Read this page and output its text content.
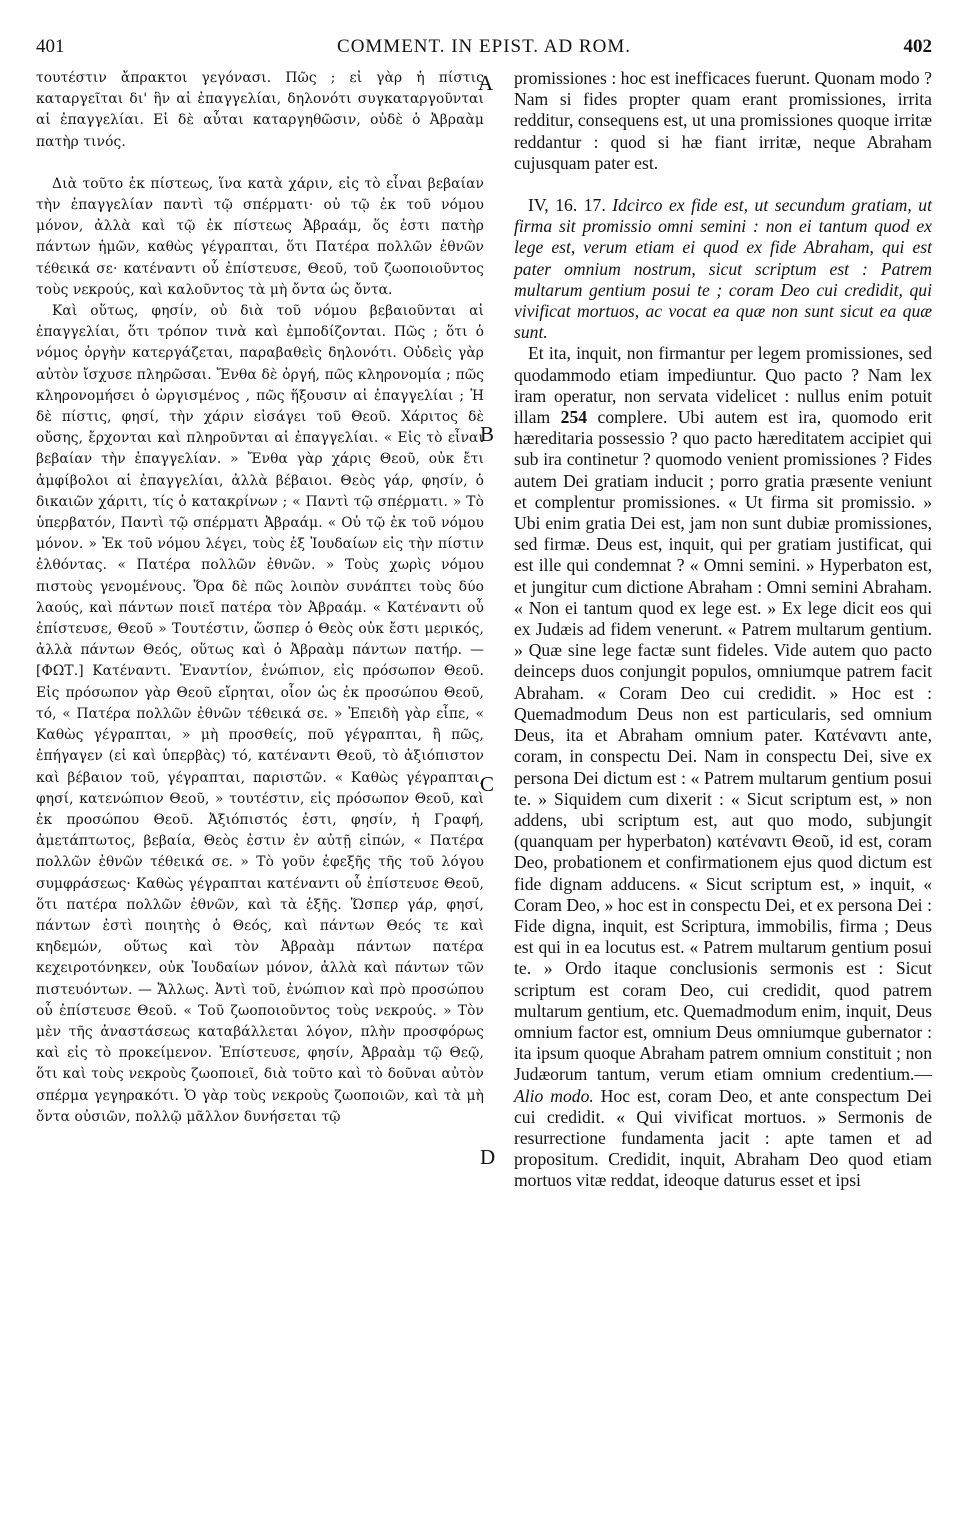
401	COMMENT. IN EPIST. AD ROM.	402
A
B
C
D

τουτέστιν ἄπρακτοι γεγόνασι. Πῶς ; εἰ γὰρ ἡ πίστις καταργεῖται δι' ἣν αἱ ἐπαγγελίαι, δηλονότι συγκαταργοῦνται αἱ ἐπαγγελίαι. Εἰ δὲ αὗται καταργηθῶσιν, οὐδὲ ὁ Ἀβραὰμ πατὴρ τινός.

Διὰ τοῦτο ἐκ πίστεως, ἵνα κατὰ χάριν, εἰς τὸ εἶναι βεβαίαν τὴν ἐπαγγελίαν παντὶ τῷ σπέρματι· οὐ τῷ ἐκ τοῦ νόμου μόνον, ἀλλὰ καὶ τῷ ἐκ πίστεως Ἀβραάμ, ὅς ἐστι πατὴρ πάντων ἡμῶν, καθὼς γέγραπται, ὅτι Πατέρα πολλῶν ἐθνῶν τέθεικά σε· κατέναντι οὗ ἐπίστευσε, Θεοῦ, τοῦ ζωοποιοῦντος τοὺς νεκρούς, καὶ καλοῦντος τὰ μὴ ὄντα ὡς ὄντα.

Καὶ οὕτως, φησίν, οὐ διὰ τοῦ νόμου βεβαιοῦνται αἱ ἐπαγγελίαι, ὅτι τρόπον τινὰ καὶ ἐμποδίζονται. Πῶς ; ὅτι ὁ νόμος ὀργὴν κατεργάζεται, παραβαθεὶς δηλονότι. Οὐδεὶς γὰρ αὐτὸν ἴσχυσε πληρῶσαι. Ἔνθα δὲ ὀργή, πῶς κληρονομία ; πῶς κληρονομήσει ὁ ὠργισμένος , πῶς ἥξουσιν αἱ ἐπαγγελίαι ; Ἡ δὲ πίστις, φησί, τὴν χάριν εἰσάγει τοῦ Θεοῦ. Χάριτος δὲ οὔσης, ἔρχονται καὶ πληροῦνται αἱ ἐπαγγελίαι. « Εἰς τὸ εἶναι βεβαίαν τὴν ἐπαγγελίαν. » Ἔνθα γὰρ χάρις Θεοῦ, οὐκ ἔτι ἀμφίβολοι αἱ ἐπαγγελίαι, ἀλλὰ βέβαιοι. Θεὸς γάρ, φησίν, ὁ δικαιῶν χάριτι, τίς ὁ κατακρίνων ; « Παντὶ τῷ σπέρματι. » Τὸ ὑπερβατόν, Παντὶ τῷ σπέρματι Ἀβραάμ. « Οὐ τῷ ἐκ τοῦ νόμου μόνον. » Ἐκ τοῦ νόμου λέγει, τοὺς ἐξ Ἰουδαίων εἰς τὴν πίστιν ἐλθόντας. « Πατέρα πολλῶν ἐθνῶν. » Τοὺς χωρὶς νόμου πιστοὺς γενομένους. Ὅρα δὲ πῶς λοιπὸν συνάπτει τοὺς δύο λαούς, καὶ πάντων ποιεῖ πατέρα τὸν Ἀβραάμ. « Κατέναντι οὗ ἐπίστευσε, Θεοῦ » Τουτέστιν, ὥσπερ ὁ Θεὸς οὐκ ἔστι μερικός, ἀλλὰ πάντων Θεός, οὕτως καὶ ὁ Ἀβραὰμ πάντων πατήρ. — [ΦΩΤ.] Κατέναντι. Ἐναντίον, ἐνώπιον, εἰς πρόσωπον Θεοῦ. Εἰς πρόσωπον γὰρ Θεοῦ εἴρηται, οἷον ὡς ἐκ προσώπου Θεοῦ, τό, « Πατέρα πολλῶν ἐθνῶν τέθεικά σε. » Ἐπειδὴ γὰρ εἶπε, « Καθὼς γέγραπται, » μὴ προσθείς, ποῦ γέγραπται, ἢ πῶς, ἐπήγαγεν (εἰ καὶ ὑπερβὰς) τό, κατέναντι Θεοῦ, τὸ ἀξιόπιστον καὶ βέβαιον τοῦ, γέγραπται, παριστῶν. « Καθὼς γέγραπται, φησί, κατενώπιον Θεοῦ, » τουτέστιν, εἰς πρόσωπον Θεοῦ, καὶ ἐκ προσώπου Θεοῦ. Ἀξιόπιστός ἐστι, φησίν, ἡ Γραφή, ἀμετάπτωτος, βεβαία, Θεὸς ἐστιν ἐν αὐτῇ εἰπών, « Πατέρα πολλῶν ἐθνῶν τέθεικά σε. » Τὸ γοῦν ἐφεξῆς τῆς τοῦ λόγου συμφράσεως· Καθὼς γέγραπται κατέναντι οὗ ἐπίστευσε Θεοῦ, ὅτι πατέρα πολλῶν ἐθνῶν, καὶ τὰ ἑξῆς. Ὥσπερ γάρ, φησί, πάντων ἐστὶ ποιητὴς ὁ Θεός, καὶ πάντων Θεός τε καὶ κηδεμών, οὕτως καὶ τὸν Ἀβραὰμ πάντων πατέρα κεχειροτόνηκεν, οὐκ Ἰουδαίων μόνον, ἀλλὰ καὶ πάντων τῶν πιστευόντων. — Ἄλλως. Ἀντὶ τοῦ, ἐνώπιον καὶ πρὸ προσώπου οὗ ἐπίστευσε Θεοῦ. « Τοῦ ζωοποιοῦντος τοὺς νεκρούς. » Τὸν μὲν τῆς ἀναστάσεως καταβάλλεται λόγον, πλὴν προσφόρως καὶ εἰς τὸ προκείμενον. Ἐπίστευσε, φησίν, Ἀβραὰμ τῷ Θεῷ, ὅτι καὶ τοὺς νεκροὺς ζωοποιεῖ, διὰ τοῦτο καὶ τὸ δοῦναι αὐτὸν σπέρμα γεγηρακότι. Ὁ γὰρ τοὺς νεκροὺς ζωοποιῶν, καὶ τὰ μὴ ὄντα οὐσιῶν, πολλῷ μᾶλλον δυνήσεται τῷ

promissiones : hoc est inefficaces fuerunt. Quonam modo ? Nam si fides propter quam erant promissiones, irrita redditur, consequens est, ut una promissiones quoque irritæ reddantur : quod si hæ fiant irritæ, neque Abraham cujusquam pater est.

IV, 16. 17. Idcirco ex fide est, ut secundum gratiam, ut firma sit promissio omni semini : non ei tantum quod ex lege est, verum etiam ei quod ex fide Abraham, qui est pater omnium nostrum, sicut scriptum est : Patrem multarum gentium posui te ; coram Deo cui credidit, qui vivificat mortuos, ac vocat ea quæ non sunt sicut ea quæ sunt.

Et ita, inquit, non firmantur per legem promissiones, sed quodammodo etiam impediuntur. Quo pacto ? Nam lex iram operatur, non servata videlicet : nullus enim potuit illam 254 complere. Ubi autem est ira, quomodo erit hæreditaria possessio ? quo pacto hæreditatem accipiet qui sub ira continetur ? quomodo venient promissiones ? Fides autem Dei gratiam inducit ; porro gratia præsente veniunt et complentur promissiones. « Ut firma sit promissio. » Ubi enim gratia Dei est, jam non sunt dubiæ promissiones, sed firmæ. Deus est, inquit, qui per gratiam justificat, qui est ille qui condemnat ? « Omni semini. » Hyperbaton est, et jungitur cum dictione Abraham : Omni semini Abraham. « Non ei tantum quod ex lege est. » Ex lege dicit eos qui ex Judæis ad fidem venerunt. « Patrem multarum gentium. » Quæ sine lege factæ sunt fideles. Vide autem quo pacto deinceps duos conjungit populos, omniumque patrem facit Abraham. « Coram Deo cui credidit. » Hoc est : Quemadmodum Deus non est particularis, sed omnium Deus, ita et Abraham omnium pater. Κατέναντι ante, coram, in conspectu Dei. Nam in conspectu Dei, sive ex persona Dei dictum est : « Patrem multarum gentium posui te. » Siquidem cum dixerit : « Sicut scriptum est, » non addens, ubi scriptum est, aut quo modo, subjungit (quanquam per hyperbaton) κατέναντι Θεοῦ, id est, coram Deo, probationem et confirmationem ejus quod dictum est fide dignam adducens. « Sicut scriptum est, » inquit, « Coram Deo, » hoc est in conspectu Dei, et ex persona Dei : Fide digna, inquit, est Scriptura, immobilis, firma ; Deus est qui in ea locutus est. « Patrem multarum gentium posui te. » Ordo itaque conclusionis sermonis est : Sicut scriptum est coram Deo, cui credidit, quod patrem multarum gentium, etc. Quemadmodum enim, inquit, Deus omnium factor est, omnium Deus omniumque gubernator : ita ipsum quoque Abraham patrem omnium constituit ; non Judæorum tantum, verum etiam omnium credentium.— Alio modo. Hoc est, coram Deo, et ante conspectum Dei cui credidit. « Qui vivificat mortuos. » Sermonis de resurrectione fundamenta jacit : apte tamen et ad propositum. Credidit, inquit, Abraham Deo quod etiam mortuos vitæ reddat, ideoque daturus esset et ipsi
